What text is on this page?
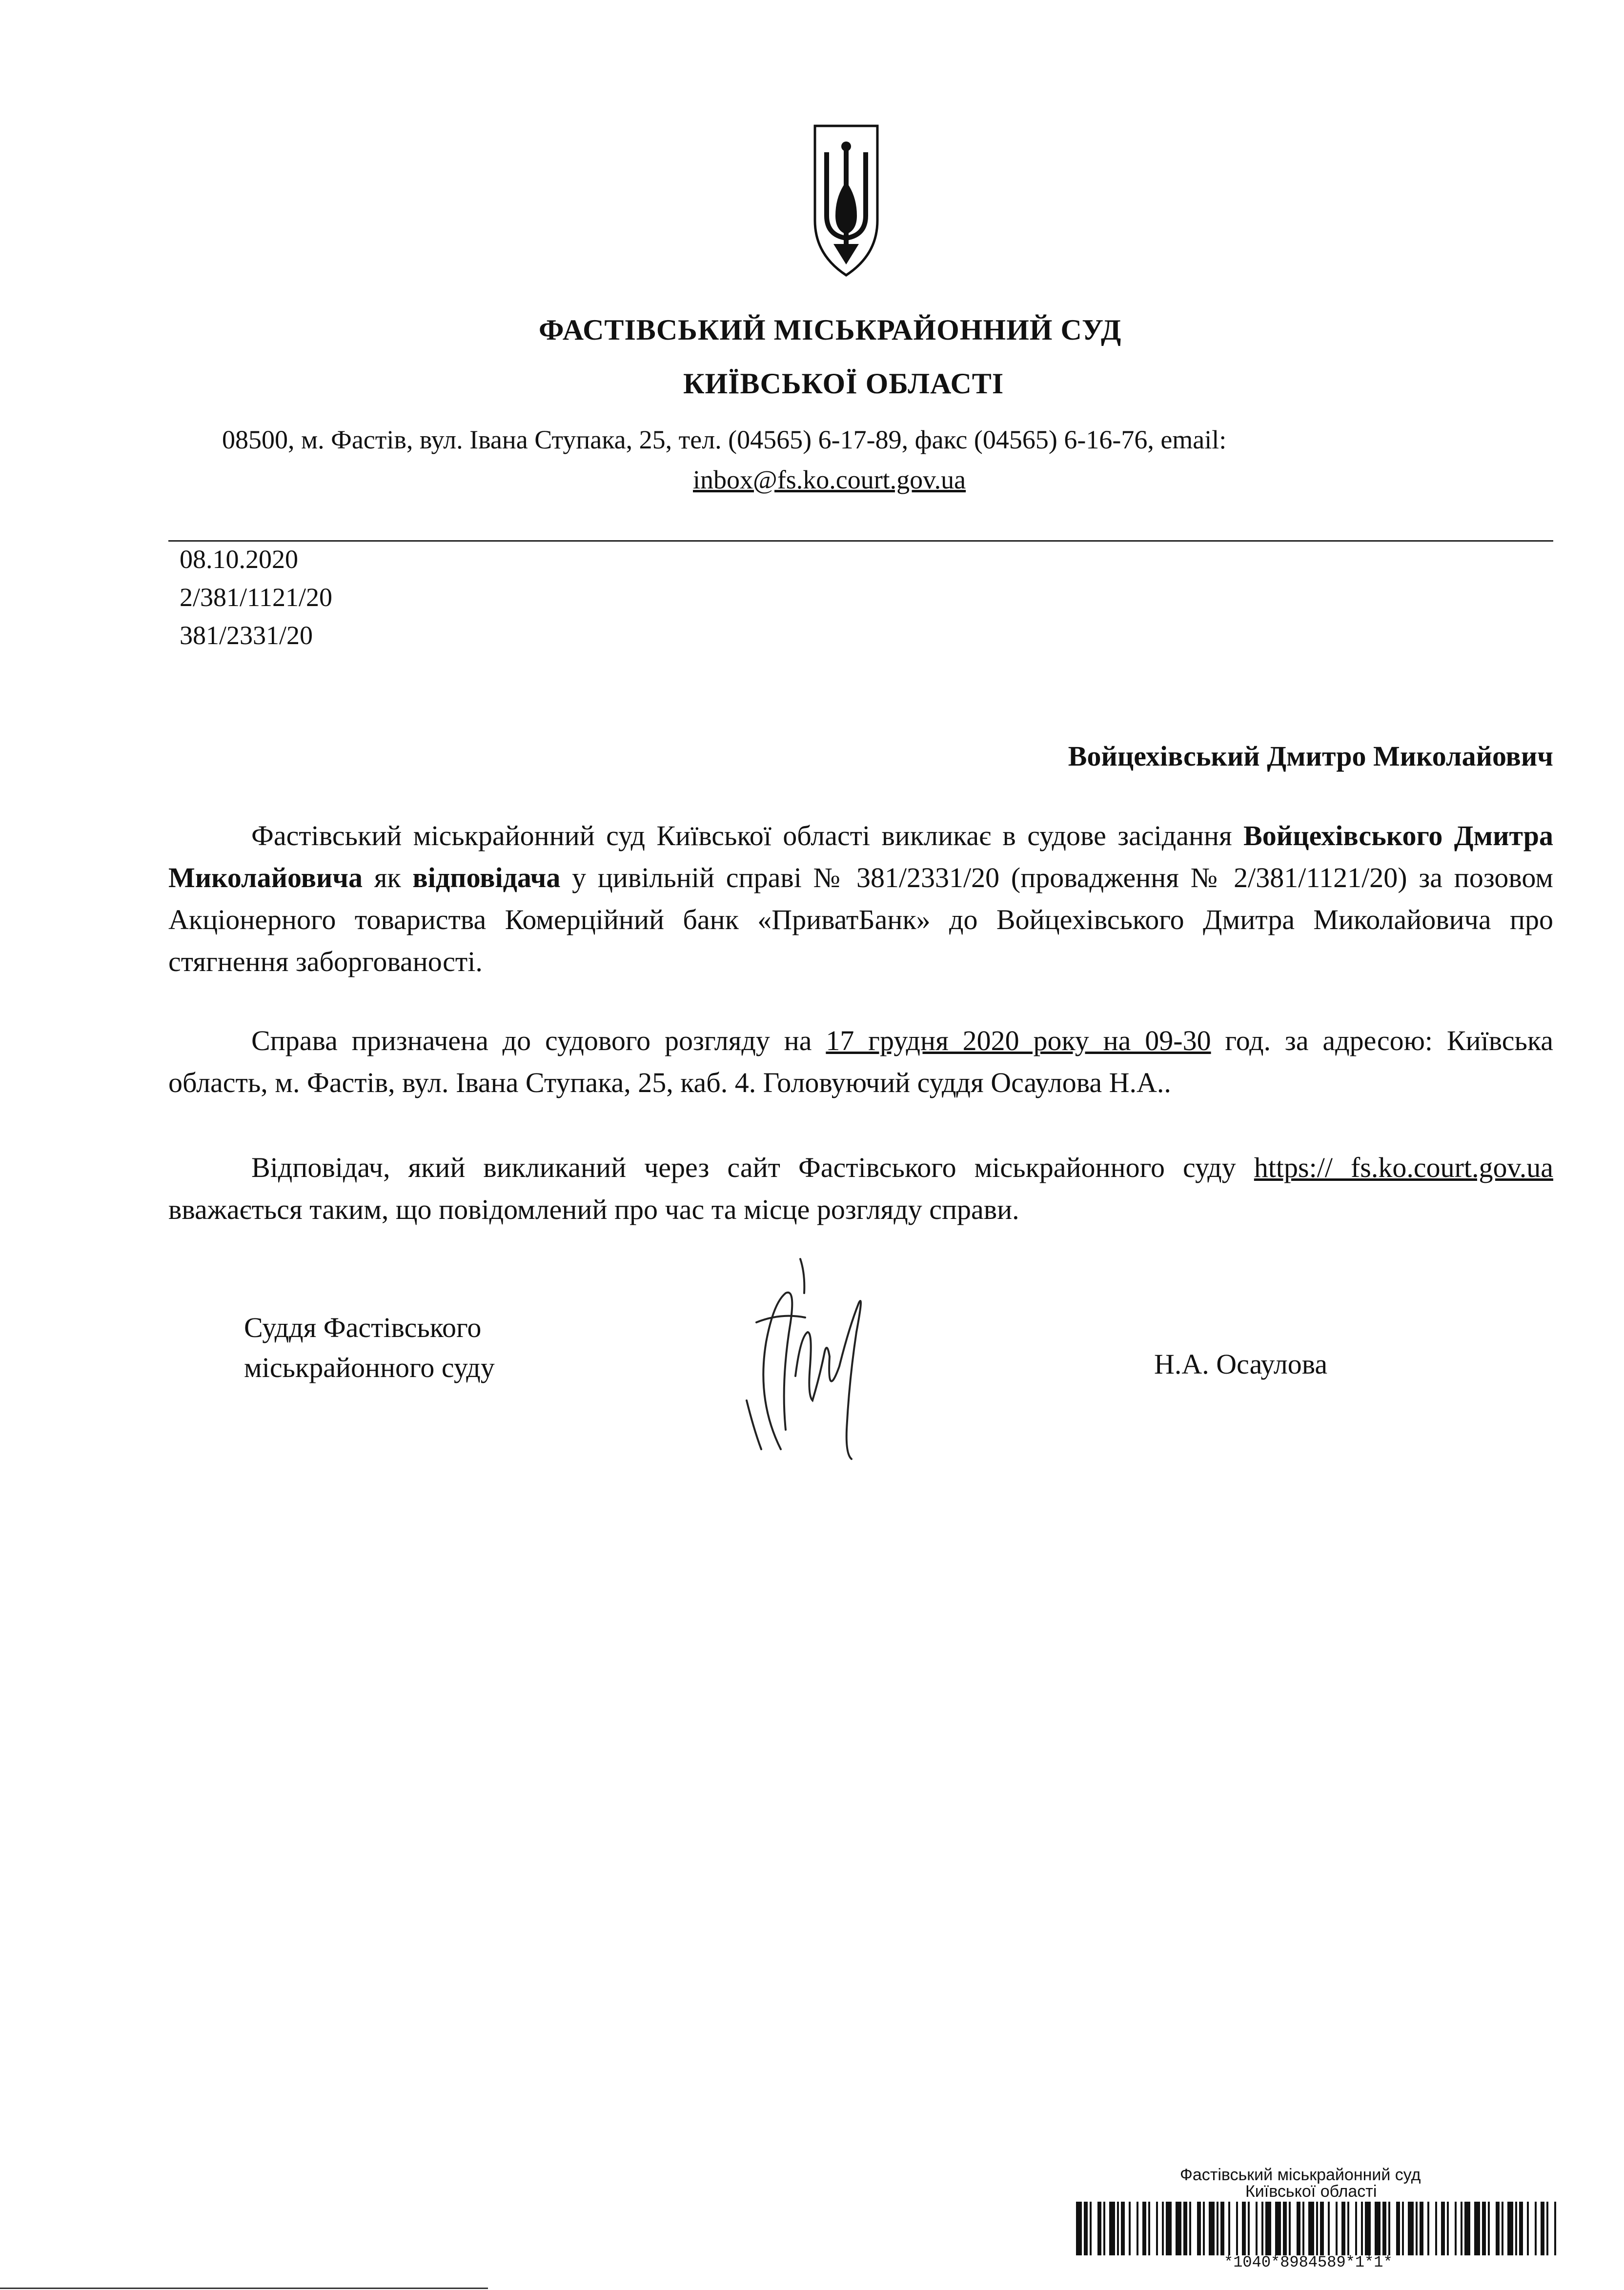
ФАСТІВСЬКИЙ МІСЬКРАЙОННИЙ СУД
КИЇВСЬКОЇ ОБЛАСТІ
08500, м. Фастів, вул. Івана Ступака, 25, тел. (04565) 6-17-89, факс (04565) 6-16-76, email:
inbox@fs.ko.court.gov.ua
08.10.2020
2/381/1121/20
381/2331/20
Войцехівський Дмитро Миколайович
Фастівський міськрайонний суд Київської області викликає в судове засідання Войцехівського Дмитра Миколайовича як відповідача у цивільній справі № 381/2331/20 (провадження № 2/381/1121/20) за позовом Акціонерного товариства Комерційний банк «ПриватБанк» до Войцехівського Дмитра Миколайовича про стягнення заборгованості.
Справа призначена до судового розгляду на 17 грудня 2020 року на 09-30 год. за адресою: Київська область, м. Фастів, вул. Івана Ступака, 25, каб. 4. Головуючий суддя Осаулова Н.А..
Відповідач, який викликаний через сайт Фастівського міськрайонного суду https:// fs.ko.court.gov.ua вважається таким, що повідомлений про час та місце розгляду справи.
Суддя Фастівського
міськрайонного суду	Н.А. Осаулова
Фастівський міськрайонний суд
Київської області
*1040*8984589*1*1*
